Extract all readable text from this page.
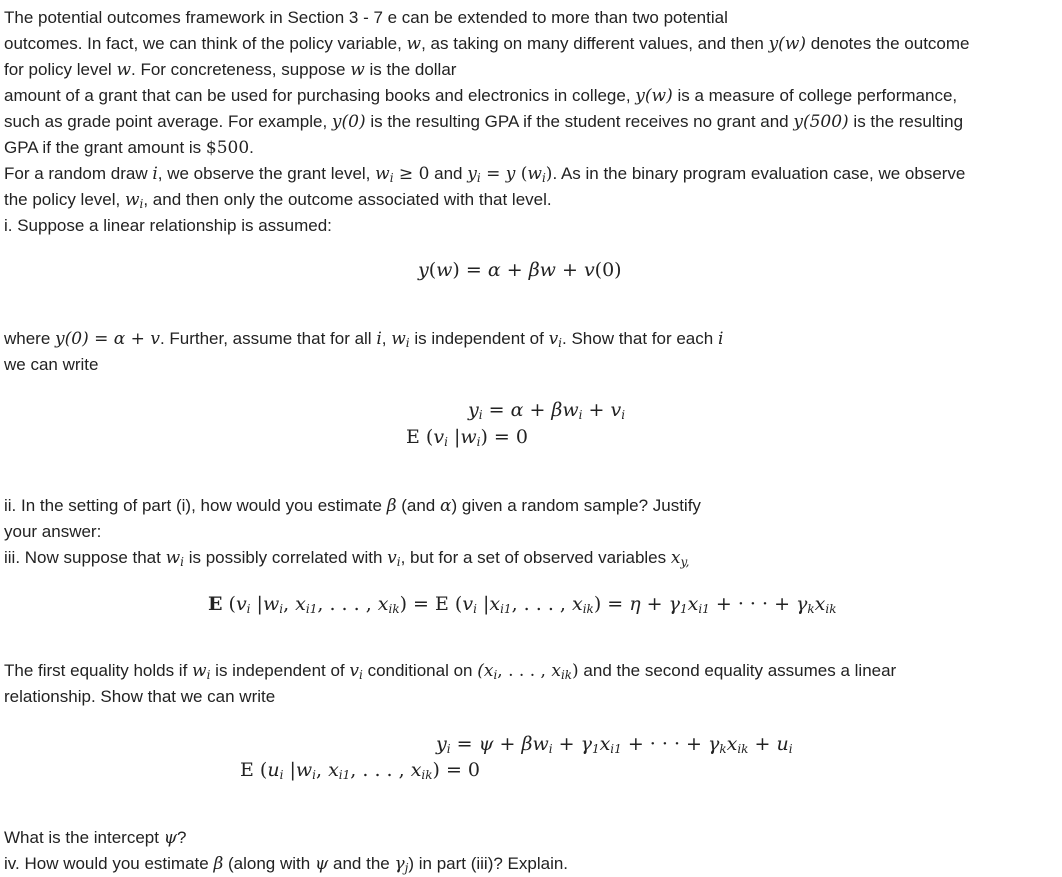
The potential outcomes framework in Section 3 - 7 e can be extended to more than two potential
outcomes. In fact, we can think of the policy variable, w, as taking on many different values, and then y(w) denotes the outcome
for policy level w. For concreteness, suppose w is the dollar
amount of a grant that can be used for purchasing books and electronics in college, y(w) is a measure of college performance,
such as grade point average. For example, y(0) is the resulting GPA if the student receives no grant and y(500) is the resulting
GPA if the grant amount is $500.
For a random draw i, we observe the grant level, $w_i \ge 0$ and $y_i = y$ $(w_i)$. As in the binary program evaluation case, we observe
the policy level, $w_i$, and then only the outcome associated with that level.
i. Suppose a linear relationship is assumed:
y(w) = α + βw + v(0)
where y(0) = α + v. Further, assume that for all i, $w_i$ is independent of $v_i$. Show that for each i
we can write
$y_i = \alpha + \beta w_i + v_i$
E ($v_i$ $|w_i) = 0$
ii. In the setting of part (i), how would you estimate β (and α) given a random sample? Justify
your answer:
iii. Now suppose that $w_i$ is possibly correlated with $v_i$, but for a set of observed variables $x_{y,}$
E ($v_i$ $|w_i$, $x_{i1}$, . . . , $x_{ik}) = E$ ($v_i$ $|x_{i1}$, . . . , $x_{ik}) = \eta + \gamma_1x_{i1}$ + · · · + $\gamma_kx_{ik}$
The first equality holds if $w_i$ is independent of $v_i$ conditional on ($x_i$, . . . , $x_{ik}$) and the second equality assumes a linear
relationship. Show that we can write
$y_i = \psi + \beta w_i + \gamma_1x_{i1}$ + · · · + $\gamma_kx_{ik} + u_i$
E ($u_i$ $|w_i$, $x_{i1}$, . . . , $x_{ik}) = 0$
What is the intercept ψ?
iv. How would you estimate β (along with ψ and the $\gamma_j$) in part (iii)? Explain.
